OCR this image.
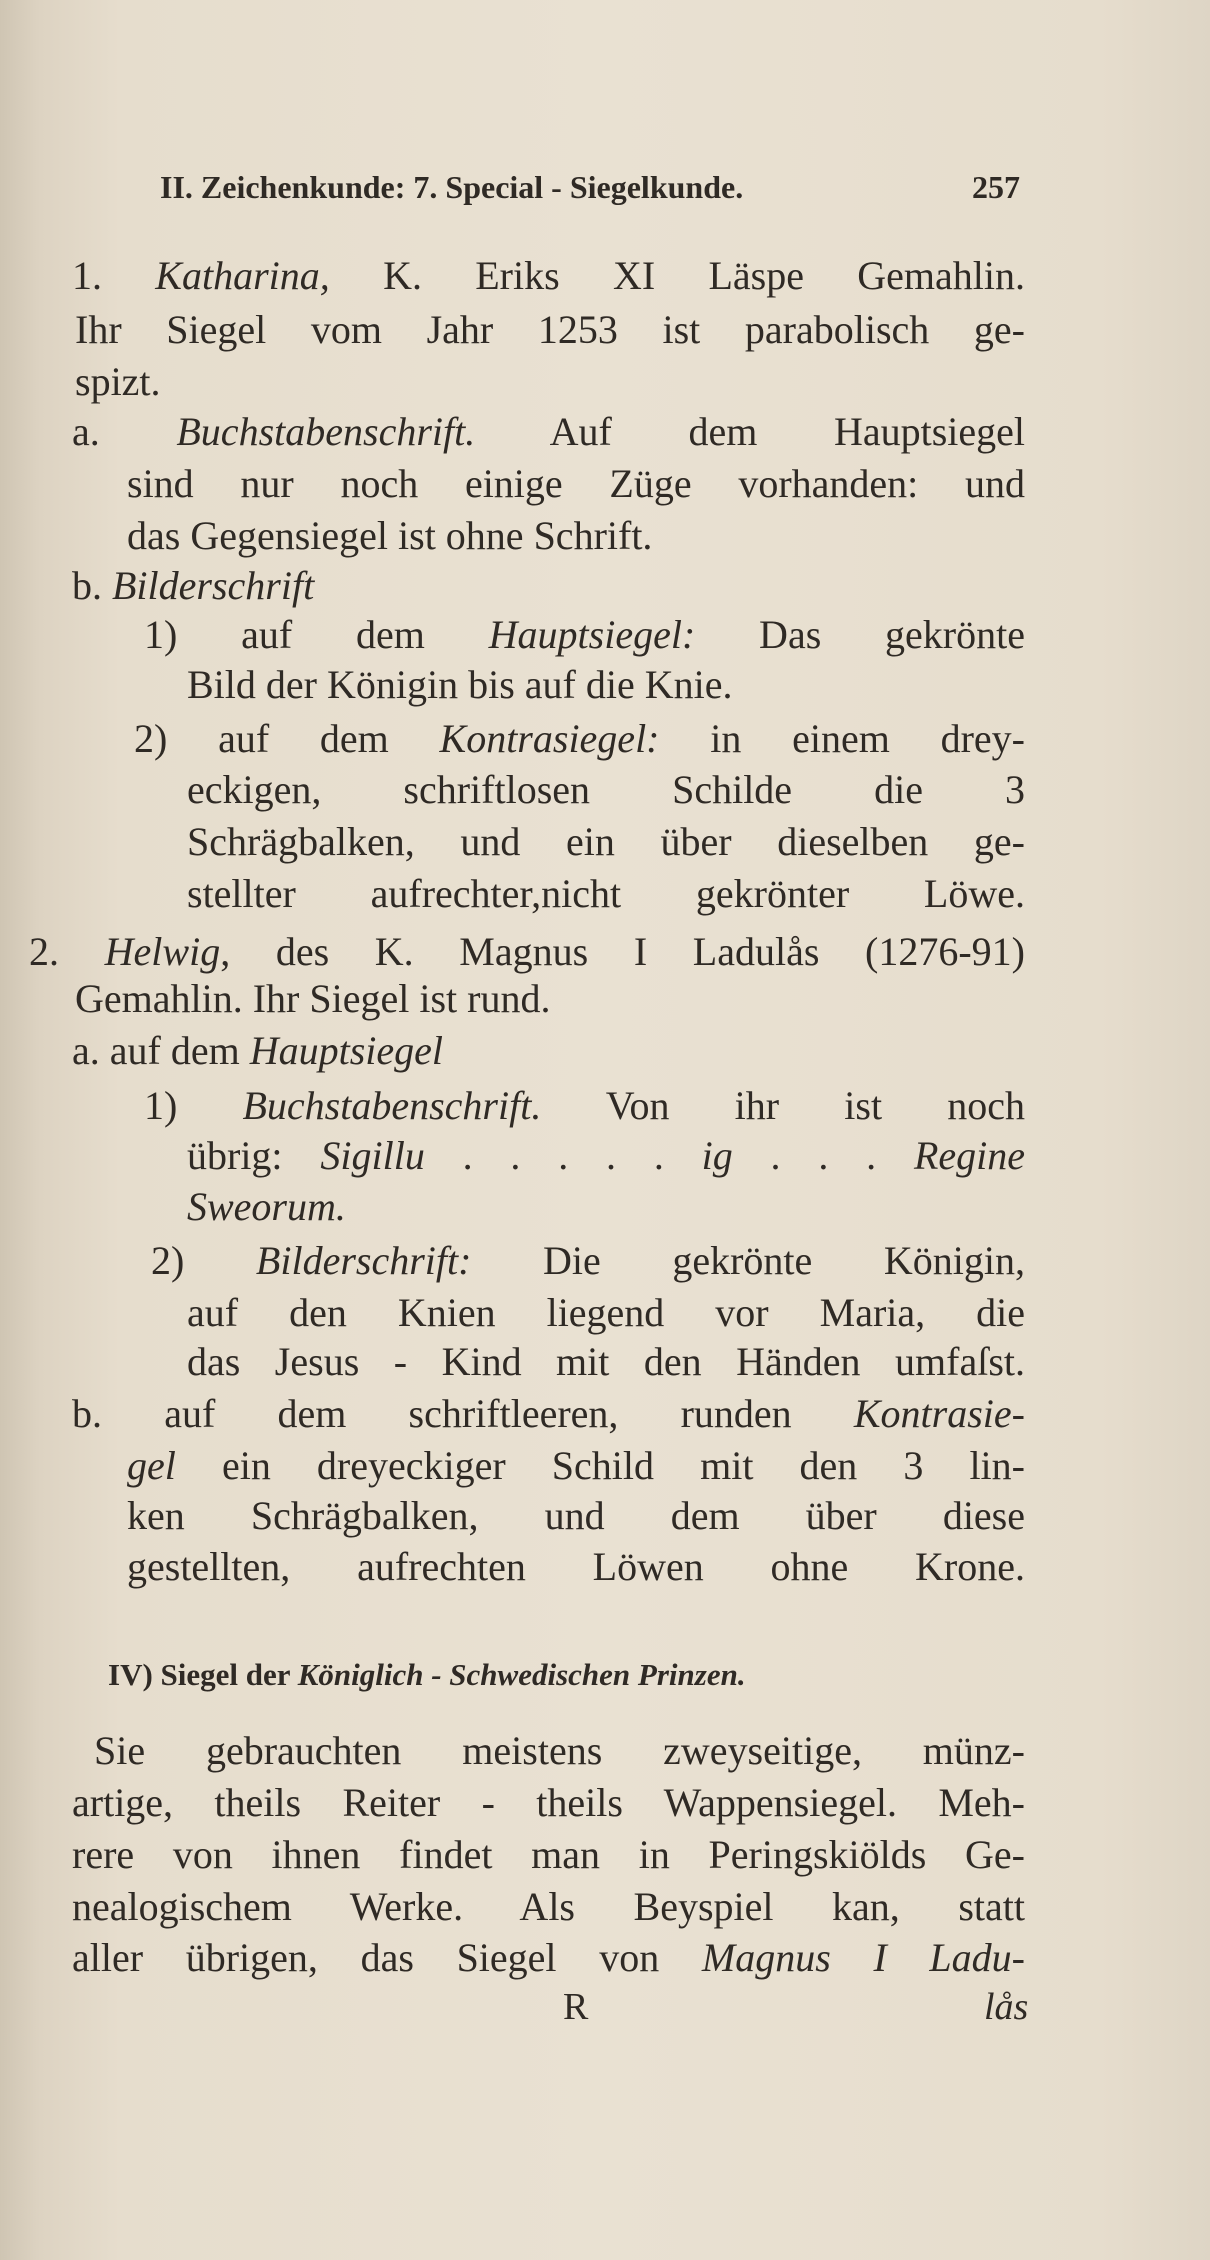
II. Zeichenkunde: 7. Special - Siegelkunde.	257
1. Katharina, K. Eriks XI Läspe Gemahlin.
Ihr Siegel vom Jahr 1253 ist parabolisch ge-
spizt.
a. Buchstabenschrift. Auf dem Hauptsiegel
sind nur noch einige Züge vorhanden: und
das Gegensiegel ist ohne Schrift.
b. Bilderschrift
1) auf dem Hauptsiegel: Das gekrönte
Bild der Königin bis auf die Knie.
2) auf dem Kontrasiegel: in einem drey-
eckigen, schriftlosen Schilde die 3
Schrägbalken, und ein über dieselben ge-
stellter aufrechter,nicht gekrönter Löwe.
2. Helwig, des K. Magnus I Ladulås (1276-91)
Gemahlin. Ihr Siegel ist rund.
a. auf dem Hauptsiegel
1) Buchstabenschrift. Von ihr ist noch
übrig: Sigillu . . . . . ig . . . Regine
Sweorum.
2) Bilderschrift: Die gekrönte Königin,
auf den Knien liegend vor Maria, die
das Jesus - Kind mit den Händen umfaſst.
b. auf dem schriftleeren, runden Kontrasie-
gel ein dreyeckiger Schild mit den 3 lin-
ken Schrägbalken, und dem über diese
gestellten, aufrechten Löwen ohne Krone.
IV) Siegel der Königlich - Schwedischen Prinzen.
Sie gebrauchten meistens zweyseitige, münz-
artige, theils Reiter - theils Wappensiegel. Meh-
rere von ihnen findet man in Peringskiölds Ge-
nealogischem Werke. Als Beyspiel kan, statt
aller übrigen, das Siegel von Magnus I Ladu-
R	lås
